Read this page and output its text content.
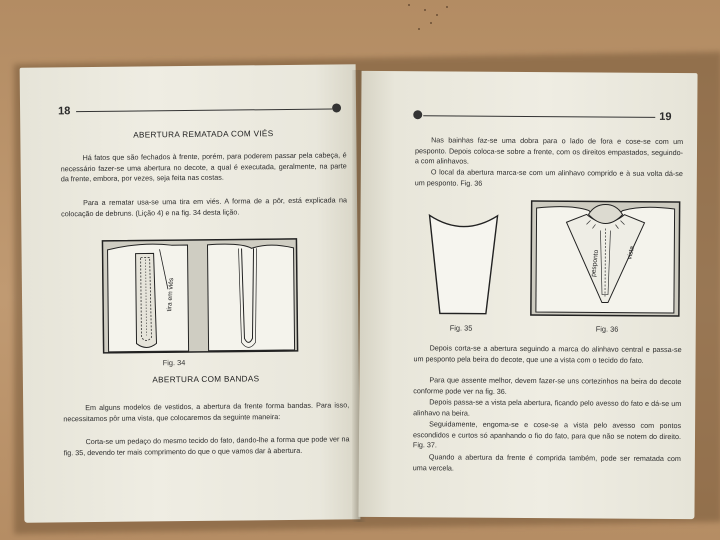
18
ABERTURA REMATADA COM VIÉS
Há fatos que são fechados à frente, porém, para poderem passar pela cabeça, é necessário fazer-se uma abertura no decote, a qual é executada, geralmente, na parte da frente, embora, por vezes, seja feita nas costas.
Para a rematar usa-se uma tira em viés. A forma de a pôr, está explicada na colocação de debruns. (Lição 4) e na fig. 34 desta lição.
tira em viés
Fig. 34
ABERTURA COM BANDAS
Em alguns modelos de vestidos, a abertura da frente forma bandas. Para isso, necessitamos pôr uma vista, que colocaremos da seguinte maneira:
Corta-se um pedaço do mesmo tecido do fato, dando-lhe a forma que pode ver na fig. 35, devendo ter mais comprimento do que o que vamos dar à abertura.
19
Nas bainhas faz-se uma dobra para o lado de fora e cose-se com um pesponto. Depois coloca-se sobre a frente, com os direitos empastados, seguindo-a com alinhavos.
O local da abertura marca-se com um alinhavo comprido e à sua volta dá-se um pesponto. Fig. 36
Fig. 35
pesponto	vista
Fig. 36
Depois corta-se a abertura seguindo a marca do alinhavo central e passa-se um pesponto pela beira do decote, que une a vista com o tecido do fato.
Para que assente melhor, devem fazer-se uns cortezinhos na beira do decote conforme pode ver na fig. 36.
Depois passa-se a vista pela abertura, ficando pelo avesso do fato e dá-se um alinhavo na beira.
Seguidamente, engoma-se e cose-se a vista pelo avesso com pontos escondidos e curtos só apanhando o fio do fato, para que não se notem do direito. Fig. 37.
Quando a abertura da frente é comprida também, pode ser rematada com uma vercela.
